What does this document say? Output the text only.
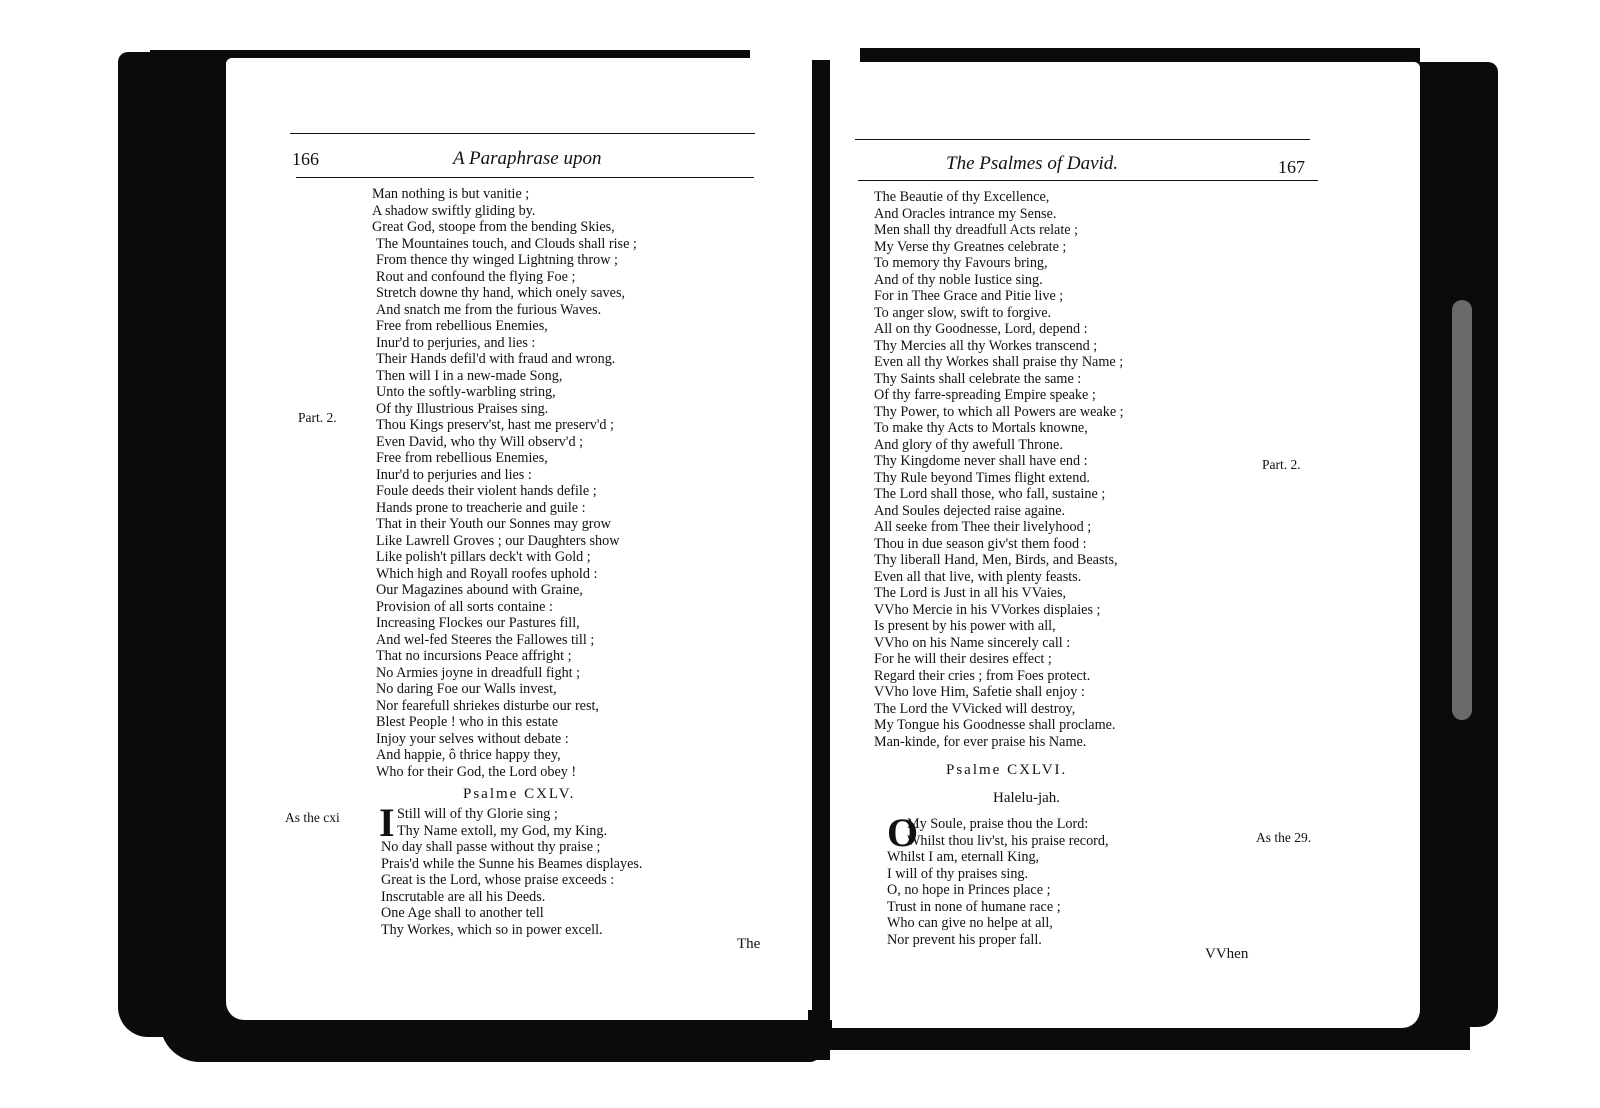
166	A Paraphrase upon
Man nothing is but vanitie ;
A shadow swiftly gliding by.
Great God, stoope from the bending Skies,
The Mountaines touch, and Clouds shall rise ;
From thence thy winged Lightning throw ;
Rout and confound the flying Foe ;
Stretch downe thy hand, which onely saves,
And snatch me from the furious Waves.
Free from rebellious Enemies,
Inur'd to perjuries, and lies :
Their Hands defil'd with fraud and wrong.
Then will I in a new-made Song,
Unto the softly-warbling string,
Of thy Illustrious Praises sing.
Thou Kings preserv'st, hast me preserv'd ;
Even David, who thy Will observ'd ;
Free from rebellious Enemies,
Inur'd to perjuries and lies :
Foule deeds their violent hands defile ;
Hands prone to treacherie and guile :
That in their Youth our Sonnes may grow
Like Lawrell Groves ; our Daughters show
Like polish't pillars deck't with Gold ;
Which high and Royall roofes uphold :
Our Magazines abound with Graine,
Provision of all sorts containe :
Increasing Flockes our Pastures fill,
And wel-fed Steeres the Fallowes till ;
That no incursions Peace affright ;
No Armies joyne in dreadfull fight ;
No daring Foe our Walls invest,
Nor fearefull shriekes disturbe our rest,
Blest People ! who in this estate
Injoy your selves without debate :
And happie, ô thrice happy they,
Who for their God, the Lord obey !
Part. 2.
Psalme CXLV.
As the cxi I Still will of thy Glorie sing ;
Thy Name extoll, my God, my King.
No day shall passe without thy praise ;
Prais'd while the Sunne his Beames displayes.
Great is the Lord, whose praise exceeds :
Inscrutable are all his Deeds.
One Age shall to another tell
Thy Workes, which so in power excell.
The
The Psalmes of David.	167
The Beautie of thy Excellence,
And Oracles intrance my Sense.
Men shall thy dreadfull Acts relate ;
My Verse thy Greatnes celebrate ;
To memory thy Favours bring,
And of thy noble Iustice sing.
For in Thee Grace and Pitie live ;
To anger slow, swift to forgive.
All on thy Goodnesse, Lord, depend :
Thy Mercies all thy Workes transcend ;
Even all thy Workes shall praise thy Name ;
Thy Saints shall celebrate the same :
Of thy farre-spreading Empire speake ;
Thy Power, to which all Powers are weake ;
To make thy Acts to Mortals knowne,
And glory of thy awefull Throne.
Thy Kingdome never shall have end :
Thy Rule beyond Times flight extend.
The Lord shall those, who fall, sustaine ;
And Soules dejected raise againe.
All seeke from Thee their livelyhood ;
Thou in due season giv'st them food :
Thy liberall Hand, Men, Birds, and Beasts,
Even all that live, with plenty feasts.
The Lord is Just in all his VVaies,
VVho Mercie in his VVorkes displaies ;
Is present by his power with all,
VVho on his Name sincerely call :
For he will their desires effect ;
Regard their cries ; from Foes protect.
VVho love Him, Safetie shall enjoy :
The Lord the VVicked will destroy,
My Tongue his Goodnesse shall proclame.
Man-kinde, for ever praise his Name.
Part. 2.
Psalme CXLVI.
Halelu-jah.
As the 29.
O
My Soule, praise thou the Lord:
Whilst thou liv'st, his praise record,
Whilst I am, eternall King,
I will of thy praises sing.
O, no hope in Princes place ;
Trust in none of humane race ;
Who can give no helpe at all,
Nor prevent his proper fall.
VVhen
